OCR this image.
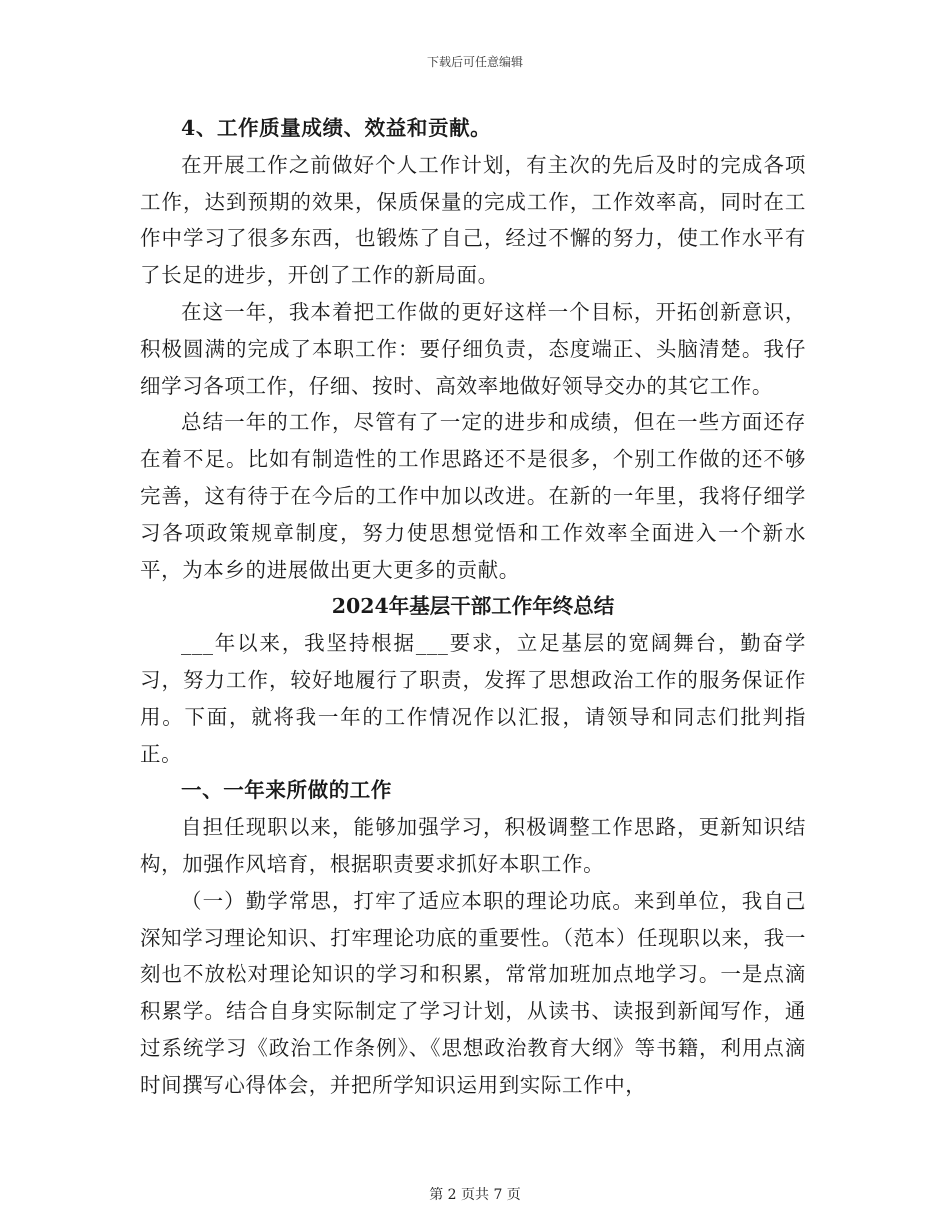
下载后可任意编辑

4、工作质量成绩、效益和贡献。

在开展工作之前做好个人工作计划，有主次的先后及时的完成各项工作，达到预期的效果，保质保量的完成工作，工作效率高，同时在工作中学习了很多东西，也锻炼了自己，经过不懈的努力，使工作水平有了长足的进步，开创了工作的新局面。

在这一年，我本着把工作做的更好这样一个目标，开拓创新意识，积极圆满的完成了本职工作：要仔细负责，态度端正、头脑清楚。我仔细学习各项工作，仔细、按时、高效率地做好领导交办的其它工作。

总结一年的工作，尽管有了一定的进步和成绩，但在一些方面还存在着不足。比如有制造性的工作思路还不是很多，个别工作做的还不够完善，这有待于在今后的工作中加以改进。在新的一年里，我将仔细学习各项政策规章制度，努力使思想觉悟和工作效率全面进入一个新水平，为本乡的进展做出更大更多的贡献。

2024年基层干部工作年终总结

___年以来，我坚持根据___要求，立足基层的宽阔舞台，勤奋学习，努力工作，较好地履行了职责，发挥了思想政治工作的服务保证作用。下面，就将我一年的工作情况作以汇报，请领导和同志们批判指正。

一、一年来所做的工作

自担任现职以来，能够加强学习，积极调整工作思路，更新知识结构，加强作风培育，根据职责要求抓好本职工作。

（一）勤学常思，打牢了适应本职的理论功底。来到单位，我自己深知学习理论知识、打牢理论功底的重要性。（范本）任现职以来，我一刻也不放松对理论知识的学习和积累，常常加班加点地学习。一是点滴积累学。结合自身实际制定了学习计划，从读书、读报到新闻写作，通过系统学习《政治工作条例》、《思想政治教育大纲》等书籍，利用点滴时间撰写心得体会，并把所学知识运用到实际工作中，

第 2 页共 7 页
